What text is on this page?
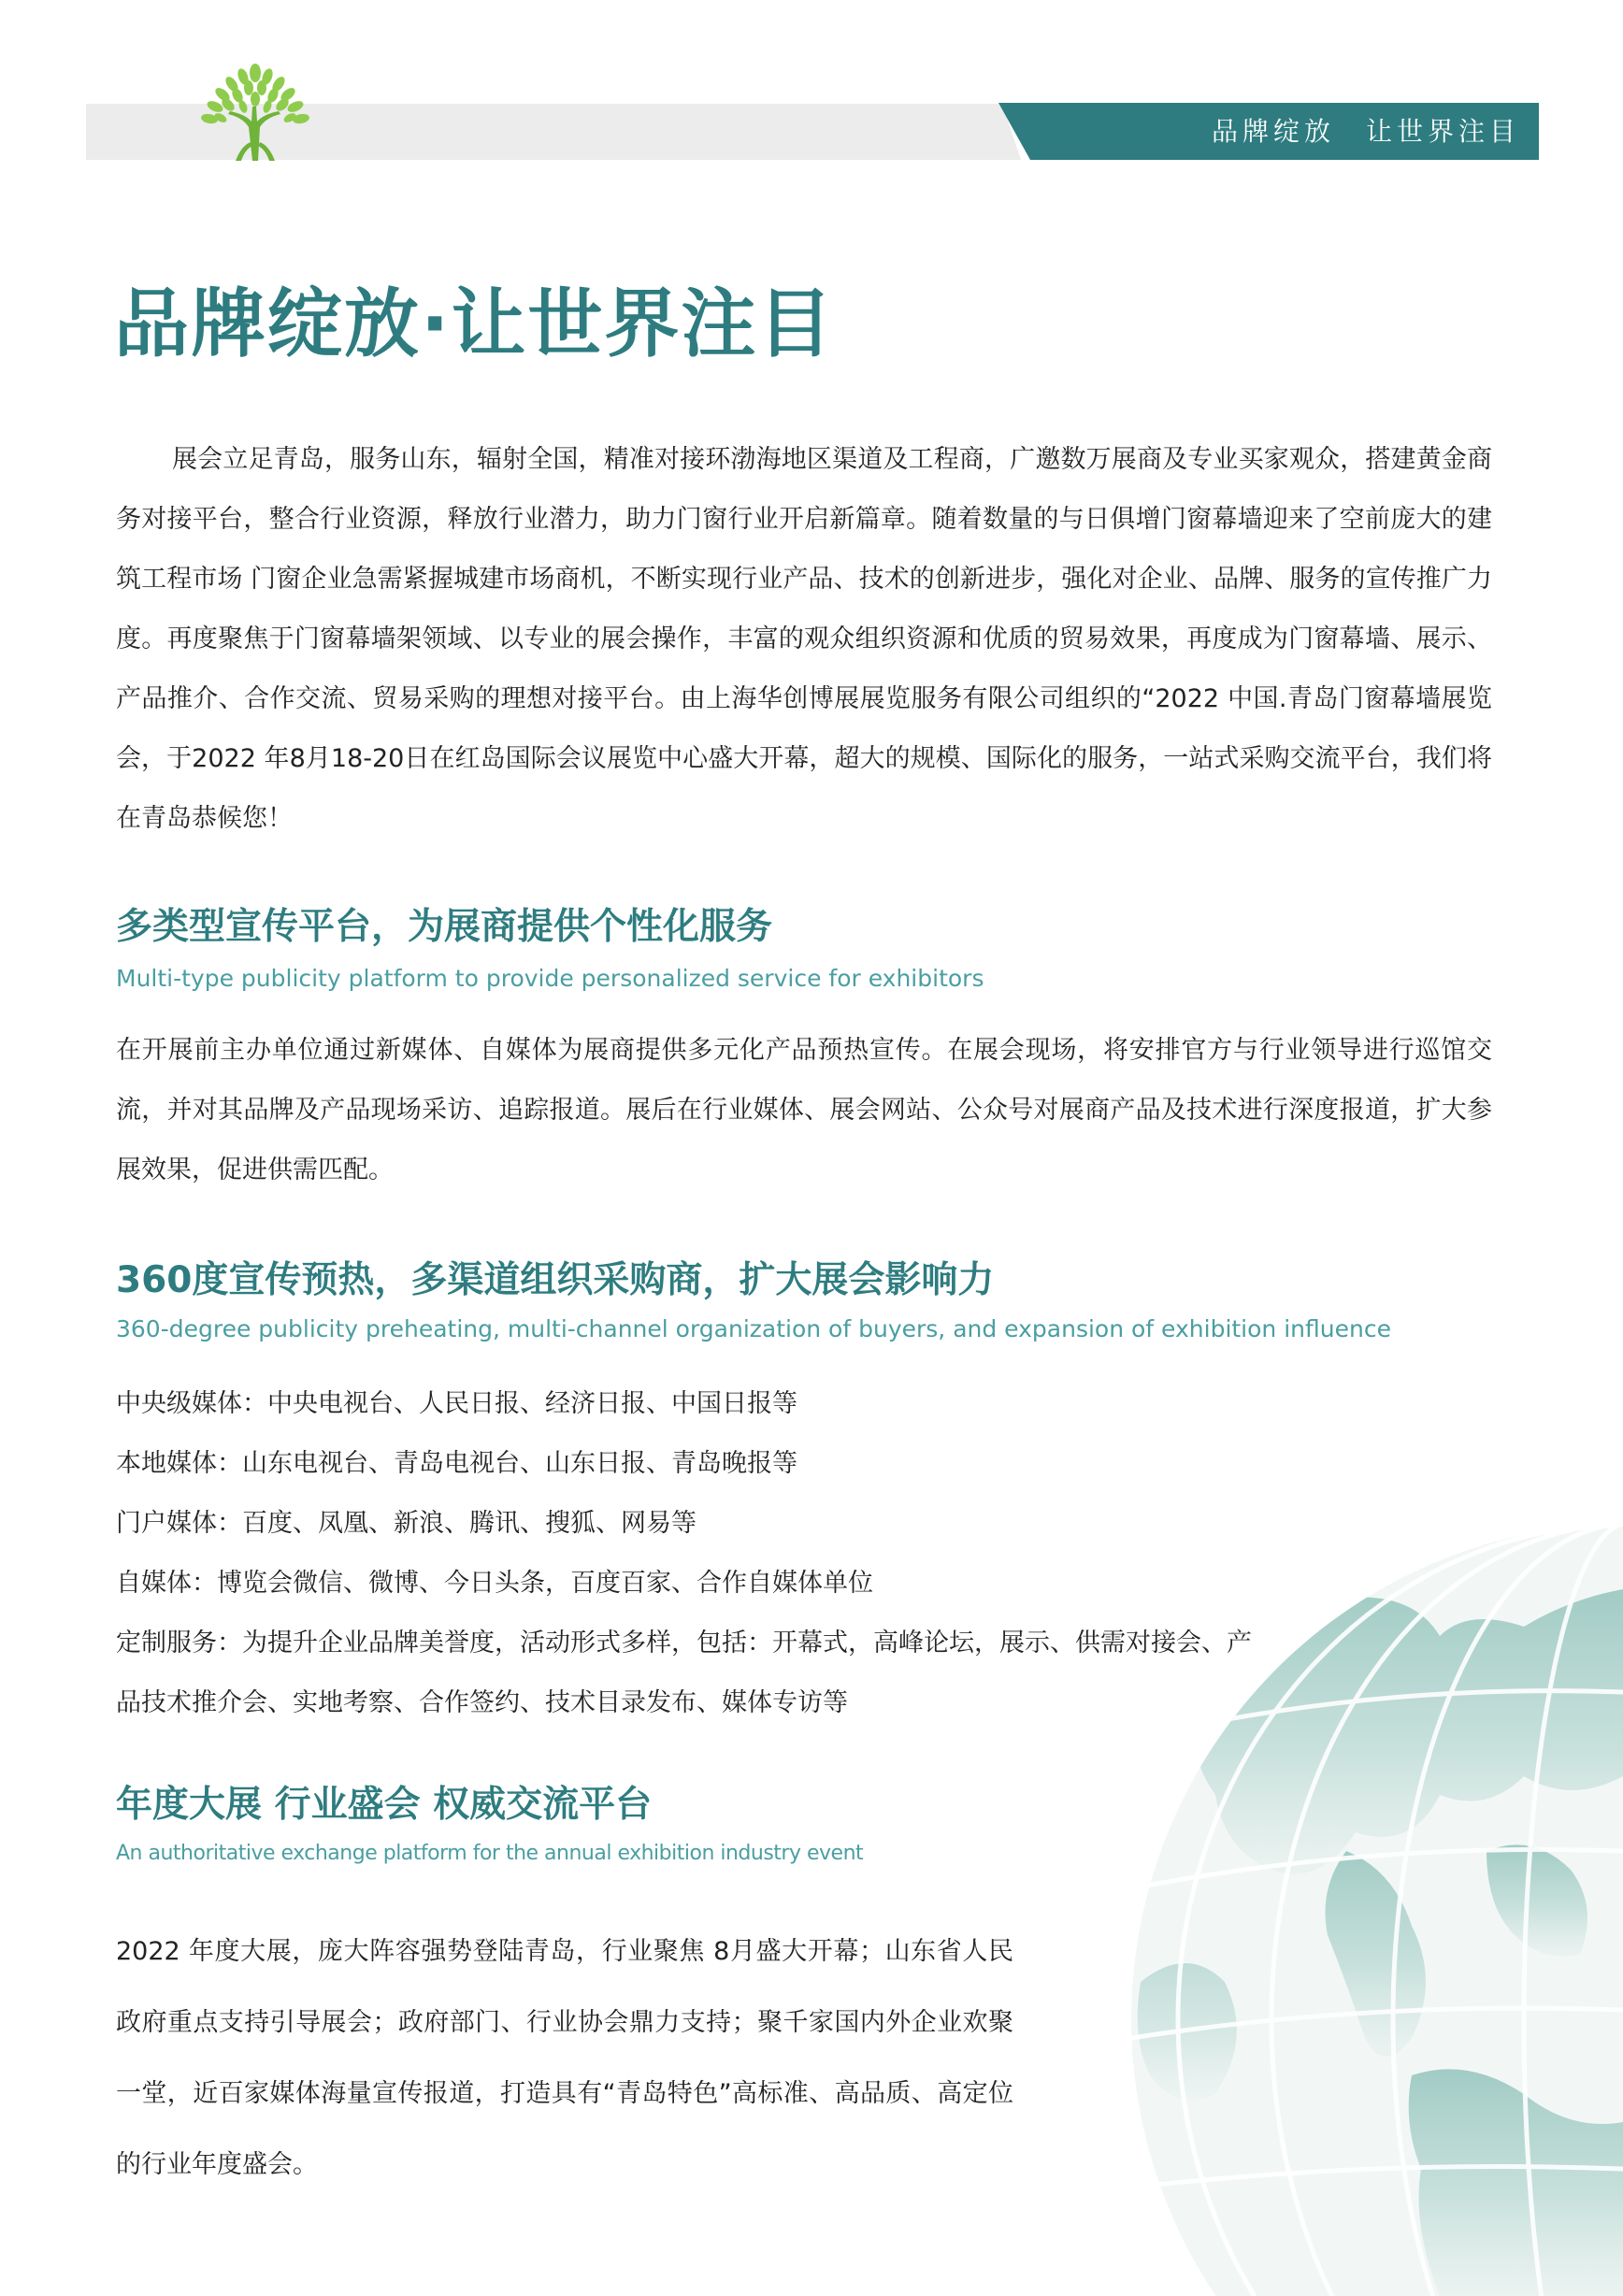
品牌绽放　让世界注目
品牌绽放·让世界注目

展会立足青岛，服务山东，辐射全国，精准对接环渤海地区渠道及工程商，广邀数万展商及专业买家观众，搭建黄金商务对接平台，整合行业资源，释放行业潜力，助力门窗行业开启新篇章。随着数量的与日俱增门窗幕墙迎来了空前庞大的建筑工程市场 门窗企业急需紧握城建市场商机，不断实现行业产品、技术的创新进步，强化对企业、品牌、服务的宣传推广力度。再度聚焦于门窗幕墙架领域、以专业的展会操作，丰富的观众组织资源和优质的贸易效果，再度成为门窗幕墙、展示、产品推介、合作交流、贸易采购的理想对接平台。由上海华创博展展览服务有限公司组织的“2022 中国.青岛门窗幕墙展览会，于2022 年8月18-20日在红岛国际会议展览中心盛大开幕，超大的规模、国际化的服务，一站式采购交流平台，我们将在青岛恭候您！

多类型宣传平台，为展商提供个性化服务

Multi-type publicity platform to provide personalized service for exhibitors

在开展前主办单位通过新媒体、自媒体为展商提供多元化产品预热宣传。在展会现场，将安排官方与行业领导进行巡馆交流，并对其品牌及产品现场采访、追踪报道。展后在行业媒体、展会网站、公众号对展商产品及技术进行深度报道，扩大参展效果，促进供需匹配。

360度宣传预热，多渠道组织采购商，扩大展会影响力

360-degree publicity preheating, multi-channel organization of buyers, and expansion of exhibition influence

中央级媒体：中央电视台、人民日报、经济日报、中国日报等
本地媒体：山东电视台、青岛电视台、山东日报、青岛晚报等
门户媒体：百度、凤凰、新浪、腾讯、搜狐、网易等
自媒体：博览会微信、微博、今日头条，百度百家、合作自媒体单位
定制服务：为提升企业品牌美誉度，活动形式多样，包括：开幕式，高峰论坛，展示、供需对接会、产品技术推介会、实地考察、合作签约、技术目录发布、媒体专访等
年度大展 行业盛会 权威交流平台

An authoritative exchange platform for the annual exhibition industry event

2022 年度大展，庞大阵容强势登陆青岛，行业聚焦 8月盛大开幕；山东省人民政府重点支持引导展会；政府部门、行业协会鼎力支持；聚千家国内外企业欢聚一堂，近百家媒体海量宣传报道，打造具有“青岛特色”高标准、高品质、高定位的行业年度盛会。
